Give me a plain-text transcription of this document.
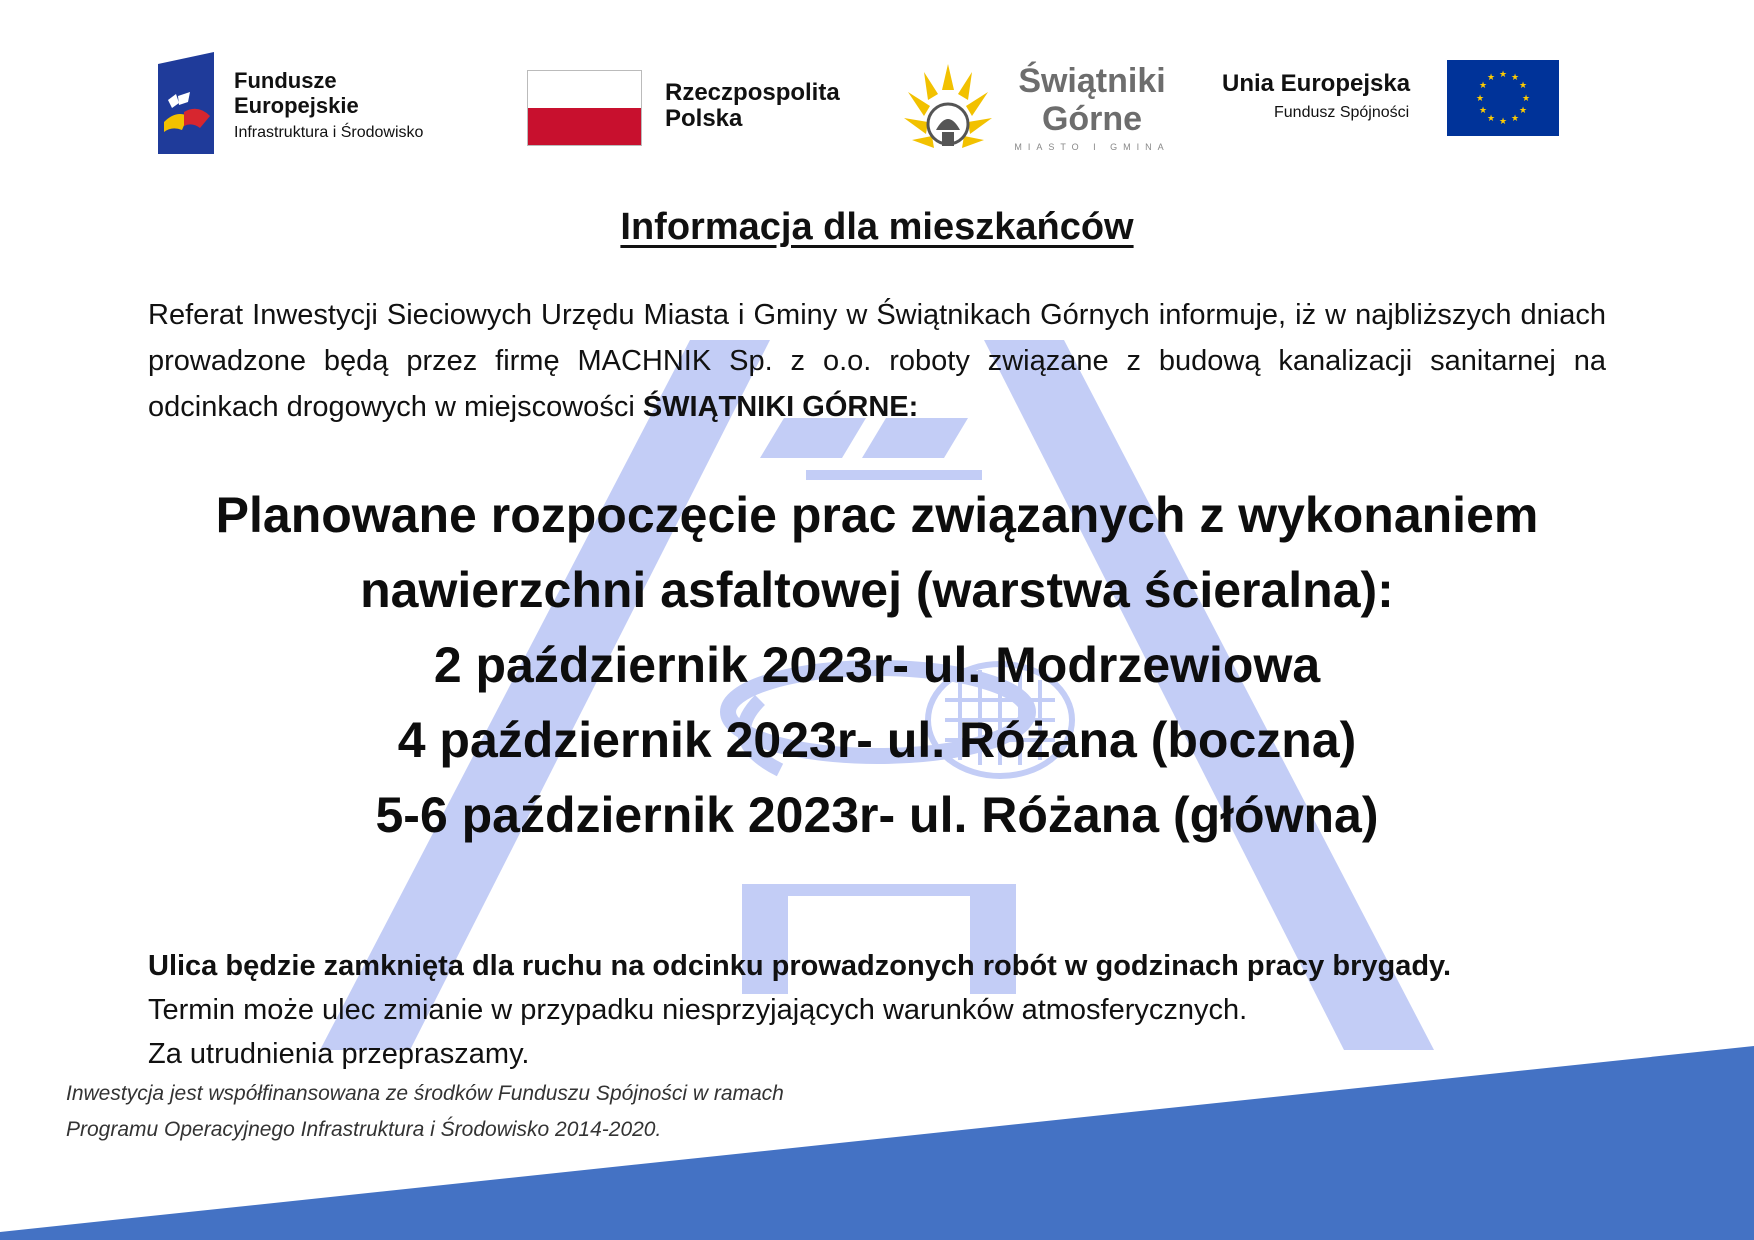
Fundusze
Europejskie
Infrastruktura i Środowisko
Rzeczpospolita
Polska
Świątniki
Górne
MIASTO I GMINA
Unia Europejska
Fundusz Spójności
★ ★
★
★
★
★
★
★
★
★
★
★
Informacja dla mieszkańców
Referat Inwestycji Sieciowych Urzędu Miasta i Gminy w Świątnikach Górnych informuje, iż w najbliższych dniach prowadzone będą przez firmę MACHNIK Sp. z o.o. roboty związane z budową kanalizacji sanitarnej na odcinkach drogowych w miejscowości ŚWIĄTNIKI GÓRNE:
Planowane rozpoczęcie prac związanych z wykonaniem
nawierzchni asfaltowej (warstwa ścieralna):
2 październik 2023r- ul. Modrzewiowa
4 październik 2023r- ul. Różana (boczna)
5-6 październik 2023r- ul. Różana (główna)
Ulica będzie zamknięta dla ruchu na odcinku prowadzonych robót w godzinach pracy brygady.
Termin może ulec zmianie w przypadku niesprzyjających warunków atmosferycznych.
Za utrudnienia przepraszamy.
Inwestycja jest współfinansowana ze środków Funduszu Spójności w ramach
Programu Operacyjnego Infrastruktura i Środowisko 2014-2020.
